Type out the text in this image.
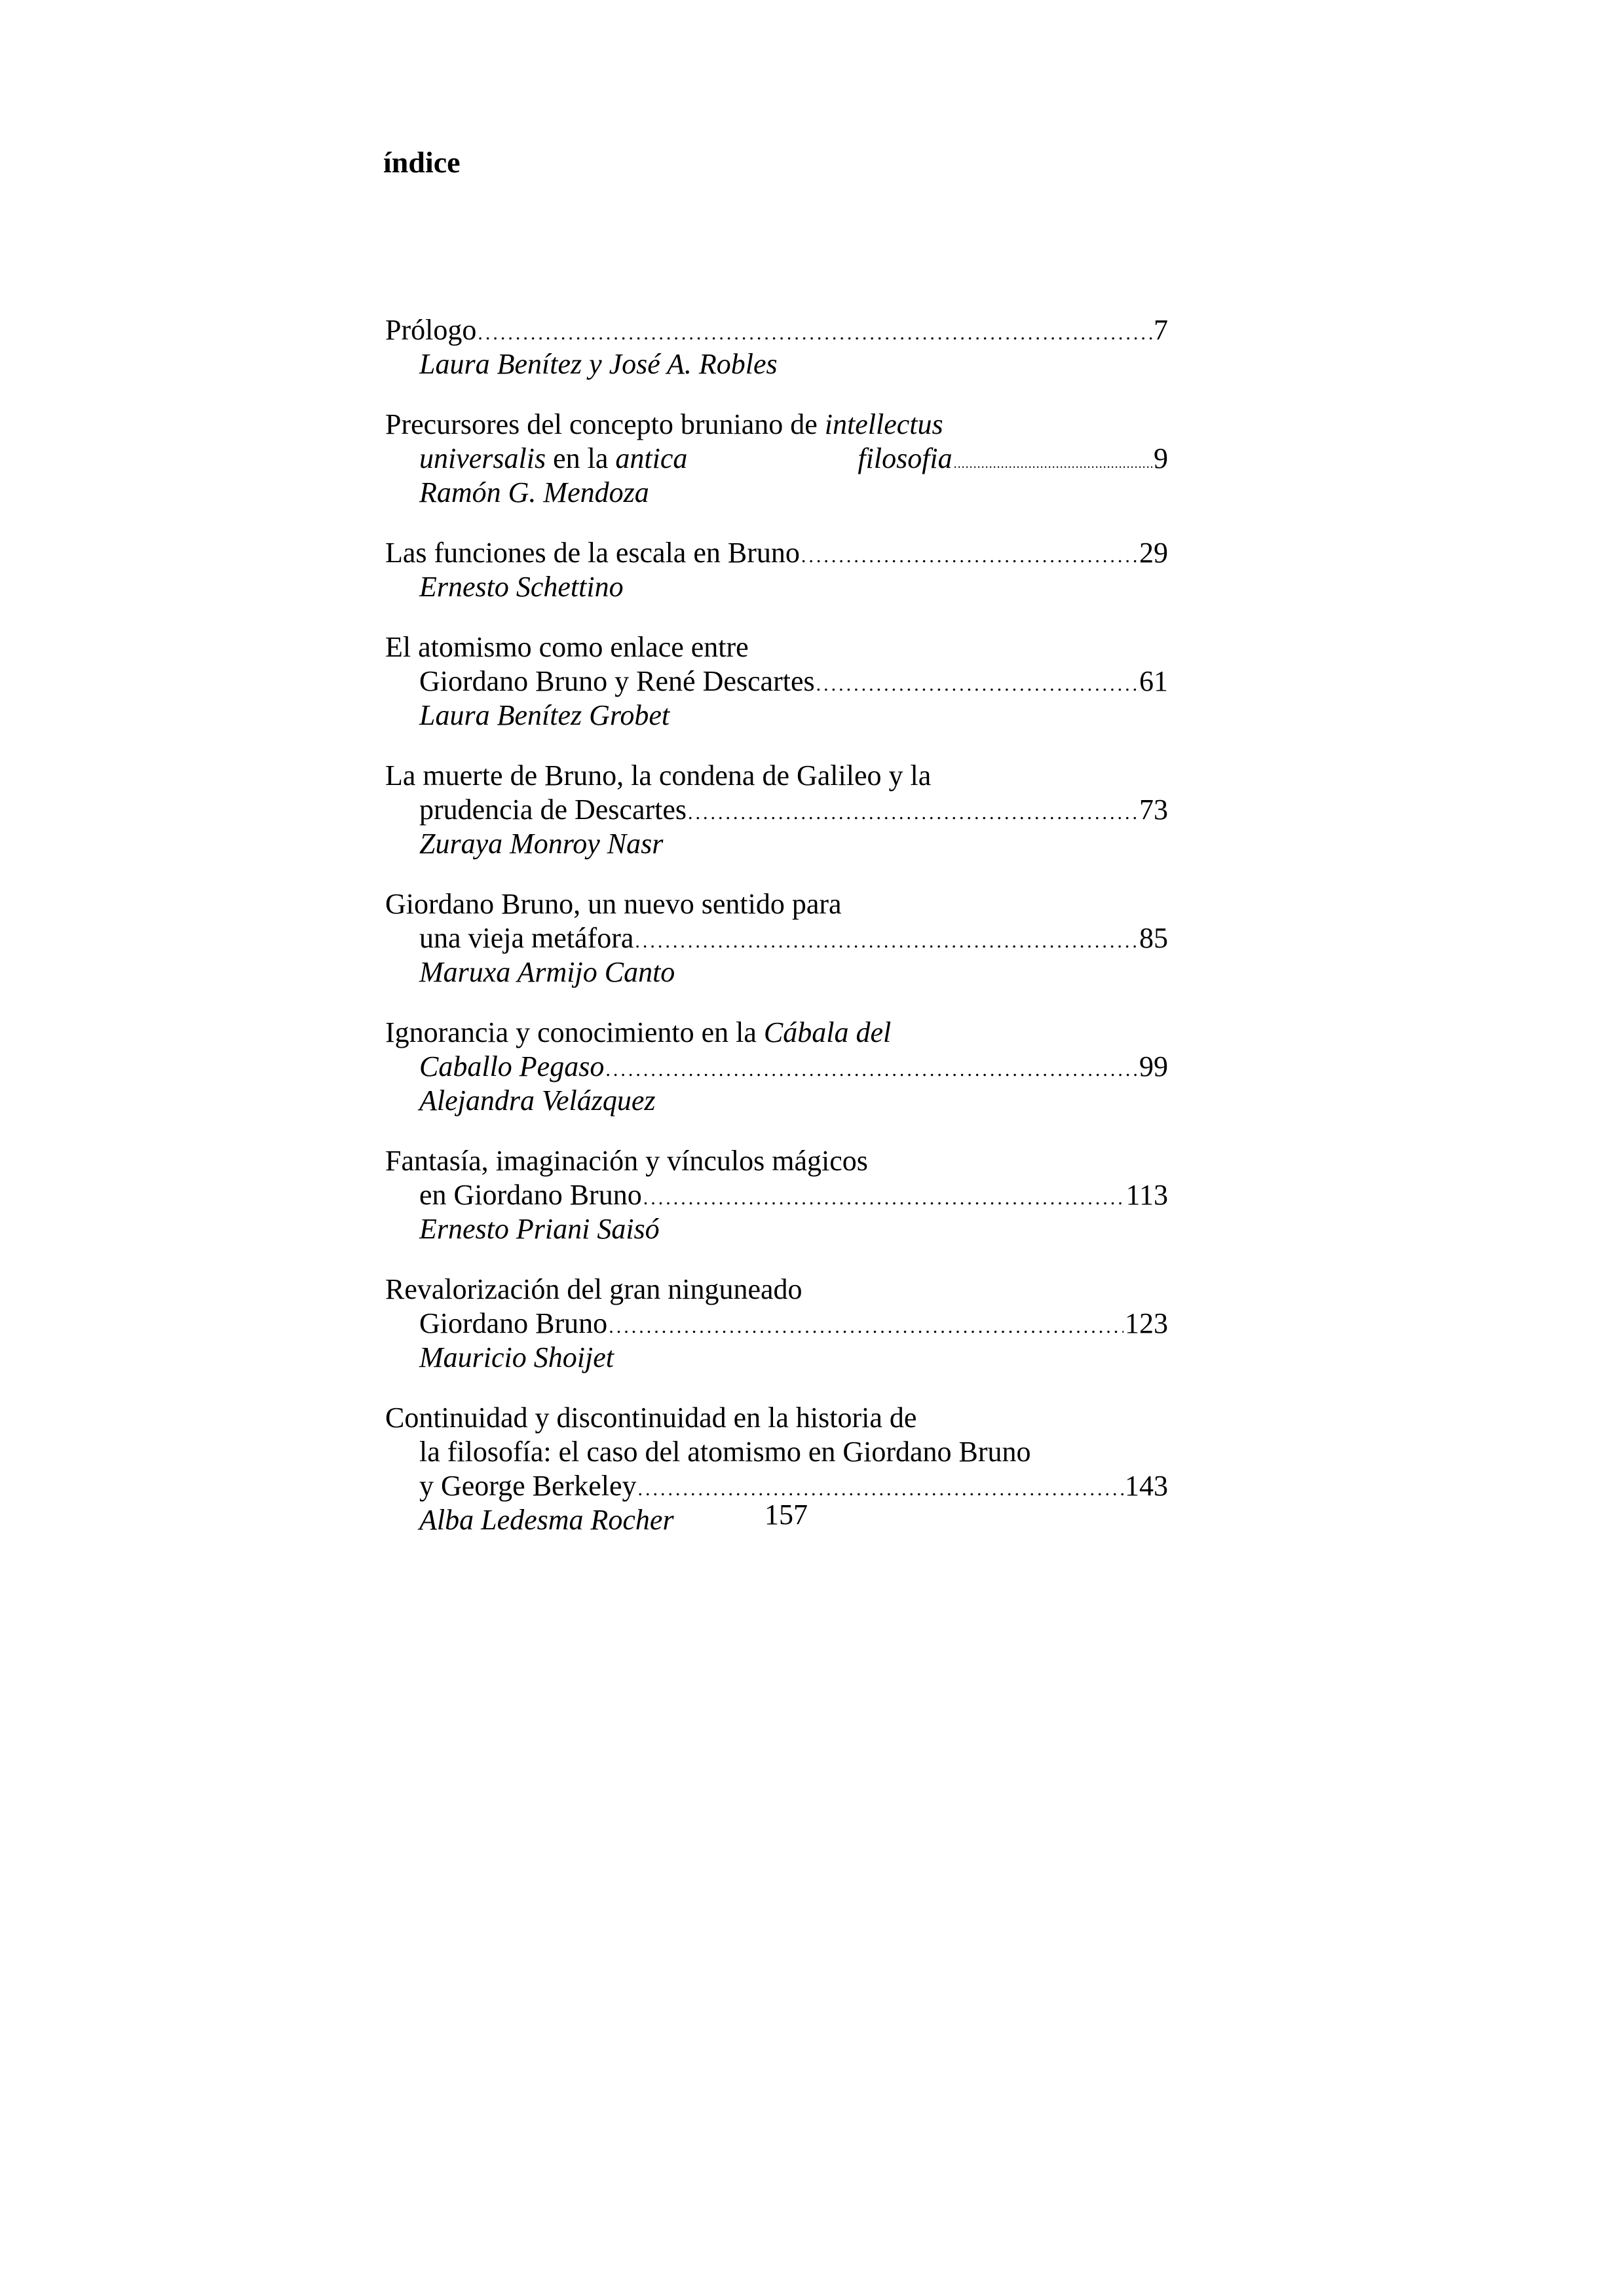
índice
Prólogo .....	7
Laura Benítez y José A. Robles
Precursores del concepto bruniano de intellectus
universalis en la antica	filosofia .....	9
Ramón G. Mendoza
Las funciones de la escala en Bruno .....	29
Ernesto Schettino
El atomismo como enlace entre
Giordano Bruno y René Descartes .....	61
Laura Benítez Grobet
La muerte de Bruno, la condena de Galileo y la
prudencia de Descartes .....	73
Zuraya Monroy Nasr
Giordano Bruno, un nuevo sentido para
una vieja metáfora .....	85
Maruxa Armijo Canto
Ignorancia y conocimiento en la Cábala del
Caballo Pegaso .....	99
Alejandra Velázquez
Fantasía, imaginación y vínculos mágicos
en Giordano Bruno .....	113
Ernesto Priani Saisó
Revalorización del gran ninguneado
Giordano Bruno .....	123
Mauricio Shoijet
Continuidad y discontinuidad en la historia de
la filosofía: el caso del atomismo en Giordano Bruno
y George Berkeley .....	143
Alba Ledesma Rocher	157
